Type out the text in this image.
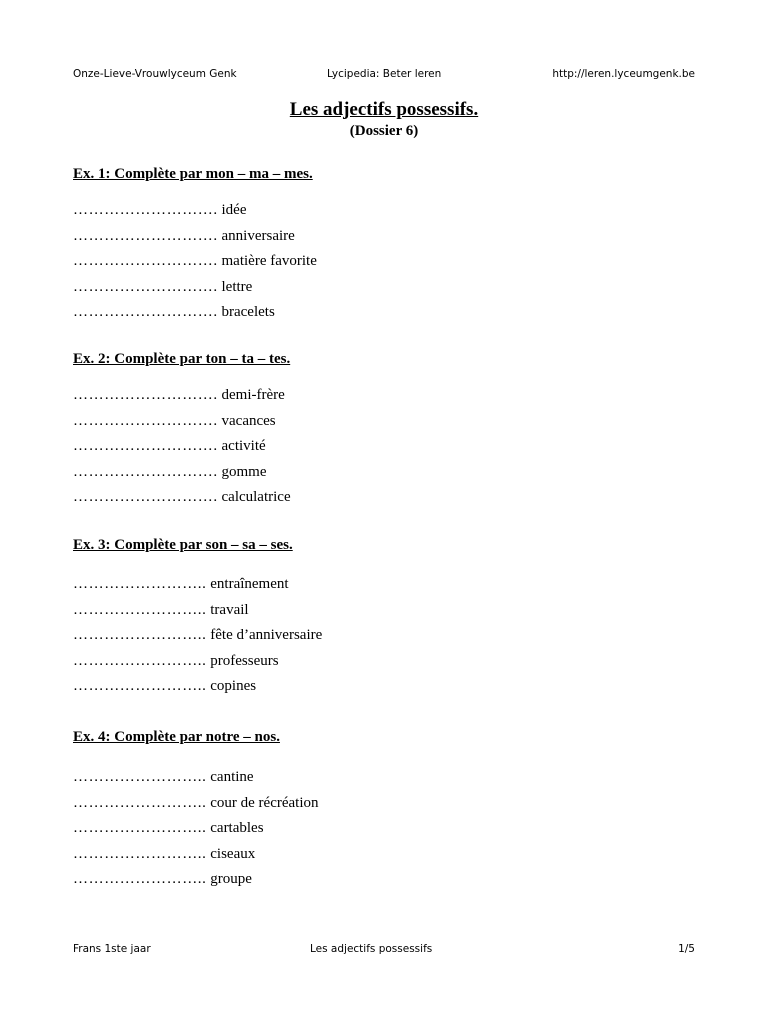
Onze-Lieve-Vrouwlyceum Genk	Lycipedia: Beter leren	http://leren.lyceumgenk.be
Les adjectifs possessifs.
(Dossier 6)
Ex. 1: Complète par mon – ma – mes.
………………………. idée
………………………. anniversaire
………………………. matière favorite
………………………. lettre
………………………. bracelets
Ex. 2: Complète par ton – ta – tes.
………………………. demi-frère
………………………. vacances
………………………. activité
………………………. gomme
………………………. calculatrice
Ex. 3: Complète par son – sa – ses.
…………………….. entraînement
…………………….. travail
…………………….. fête d’anniversaire
…………………….. professeurs
…………………….. copines
Ex. 4: Complète par notre – nos.
…………………….. cantine
…………………….. cour de récréation
…………………….. cartables
…………………….. ciseaux
…………………….. groupe
Frans 1ste jaar	Les adjectifs possessifs	1/5
